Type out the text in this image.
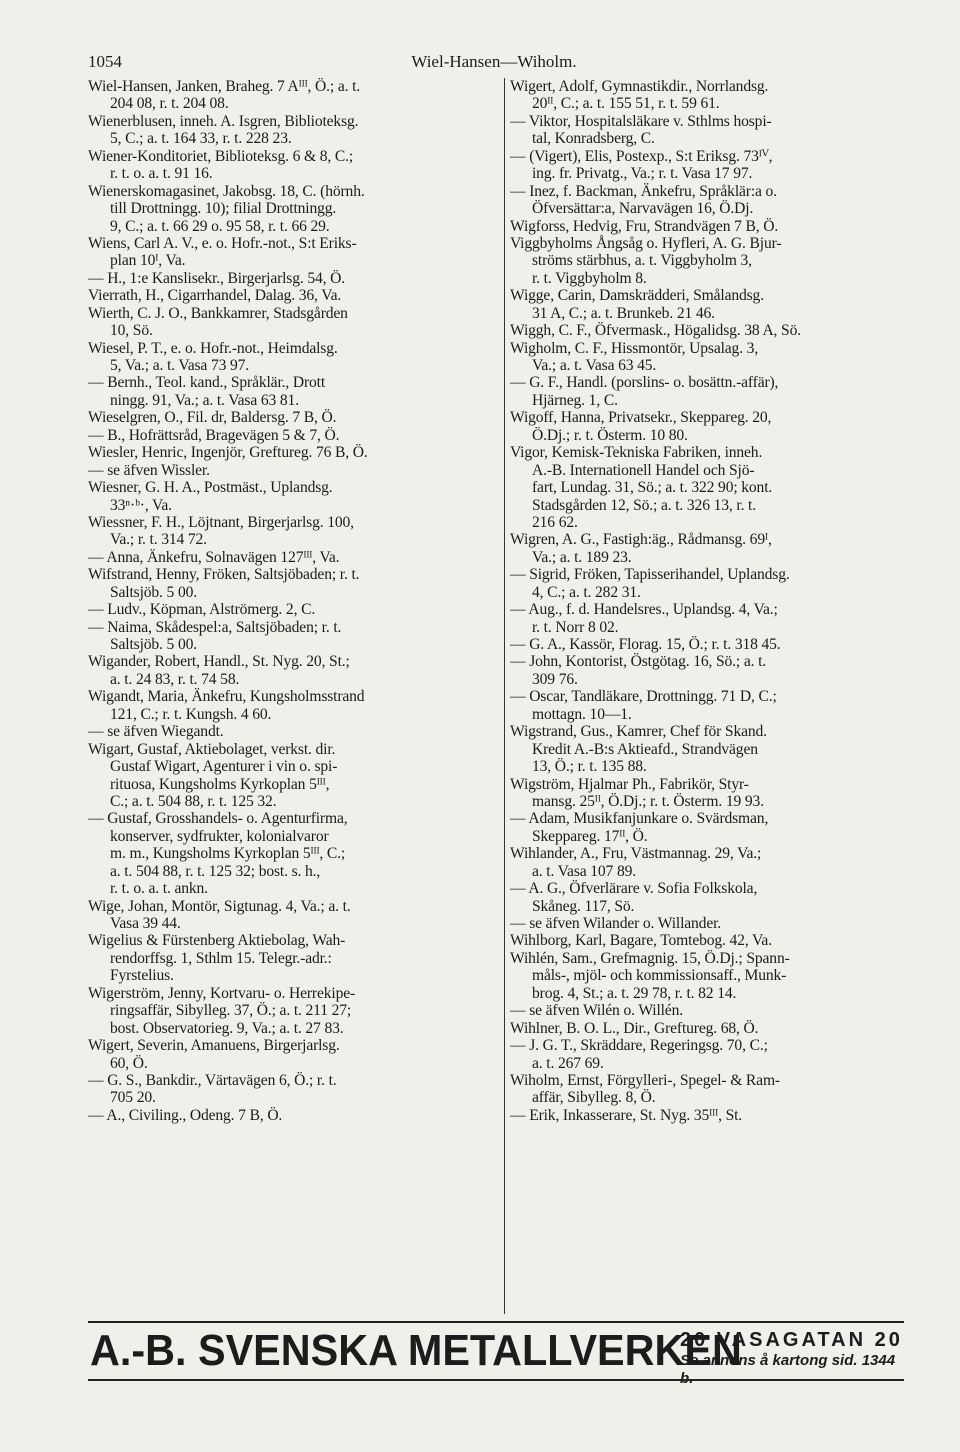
1054	Wiel-Hansen—Wiholm.
Wiel-Hansen, Janken, Braheg. 7 Aᴵᴵᴵ, Ö.; a. t.
204 08, r. t. 204 08.
Wienerblusen, inneh. A. Isgren, Biblioteksg.
5, C.; a. t. 164 33, r. t. 228 23.
Wiener-Konditoriet, Biblioteksg. 6 & 8, C.;
r. t. o. a. t. 91 16.
Wienerskomagasinet, Jakobsg. 18, C. (hörnh.
till Drottningg. 10); filial Drottningg.
9, C.; a. t. 66 29 o. 95 58, r. t. 66 29.
Wiens, Carl A. V., e. o. Hofr.-not., S:t Eriks-
plan 10ᴵ, Va.
— H., 1:e Kanslisekr., Birgerjarlsg. 54, Ö.
Vierrath, H., Cigarrhandel, Dalag. 36, Va.
Wierth, C. J. O., Bankkamrer, Stadsgården
10, Sö.
Wiesel, P. T., e. o. Hofr.-not., Heimdalsg.
5, Va.; a. t. Vasa 73 97.
— Bernh., Teol. kand., Språklär., Drott
ningg. 91, Va.; a. t. Vasa 63 81.
Wieselgren, O., Fil. dr, Baldersg. 7 B, Ö.
— B., Hofrättsråd, Bragevägen 5 & 7, Ö.
Wiesler, Henric, Ingenjör, Greftureg. 76 B, Ö.
— se äfven Wissler.
Wiesner, G. H. A., Postmäst., Uplandsg.
33ⁿ·ᵇ·, Va.
Wiessner, F. H., Löjtnant, Birgerjarlsg. 100,
Va.; r. t. 314 72.
— Anna, Änkefru, Solnavägen 127ᴵᴵᴵ, Va.
Wifstrand, Henny, Fröken, Saltsjöbaden; r. t.
Saltsjöb. 5 00.
— Ludv., Köpman, Alströmerg. 2, C.
— Naima, Skådespel:a, Saltsjöbaden; r. t.
Saltsjöb. 5 00.
Wigander, Robert, Handl., St. Nyg. 20, St.;
a. t. 24 83, r. t. 74 58.
Wigandt, Maria, Änkefru, Kungsholmsstrand
121, C.; r. t. Kungsh. 4 60.
— se äfven Wiegandt.
Wigart, Gustaf, Aktiebolaget, verkst. dir.
Gustaf Wigart, Agenturer i vin o. spi-
rituosa, Kungsholms Kyrkoplan 5ᴵᴵᴵ,
C.; a. t. 504 88, r. t. 125 32.
— Gustaf, Grosshandels- o. Agenturfirma,
konserver, sydfrukter, kolonialvaror
m. m., Kungsholms Kyrkoplan 5ᴵᴵᴵ, C.;
a. t. 504 88, r. t. 125 32; bost. s. h.,
r. t. o. a. t. ankn.
Wige, Johan, Montör, Sigtunag. 4, Va.; a. t.
Vasa 39 44.
Wigelius & Fürstenberg Aktiebolag, Wah-
rendorffsg. 1, Sthlm 15. Telegr.-adr.:
Fyrstelius.
Wigerström, Jenny, Kortvaru- o. Herrekipe-
ringsaffär, Sibylleg. 37, Ö.; a. t. 211 27;
bost. Observatorieg. 9, Va.; a. t. 27 83.
Wigert, Severin, Amanuens, Birgerjarlsg.
60, Ö.
— G. S., Bankdir., Värtavägen 6, Ö.; r. t.
705 20.
— A., Civiling., Odeng. 7 B, Ö.
Wigert, Adolf, Gymnastikdir., Norrlandsg.
20ᴵᴵ, C.; a. t. 155 51, r. t. 59 61.
— Viktor, Hospitalsläkare v. Sthlms hospi-
tal, Konradsberg, C.
— (Vigert), Elis, Postexp., S:t Eriksg. 73ᴵⱽ,
ing. fr. Privatg., Va.; r. t. Vasa 17 97.
— Inez, f. Backman, Änkefru, Språklär:a o.
Öfversättar:a, Narvavägen 16, Ö.Dj.
Wigforss, Hedvig, Fru, Strandvägen 7 B, Ö.
Viggbyholms Ångsåg o. Hyfleri, A. G. Bjur-
ströms stärbhus, a. t. Viggbyholm 3,
r. t. Viggbyholm 8.
Wigge, Carin, Damskrädderi, Smålandsg.
31 A, C.; a. t. Brunkeb. 21 46.
Wiggh, C. F., Öfvermask., Högalidsg. 38 A, Sö.
Wigholm, C. F., Hissmontör, Upsalag. 3,
Va.; a. t. Vasa 63 45.
— G. F., Handl. (porslins- o. bosättn.-affär),
Hjärneg. 1, C.
Wigoff, Hanna, Privatsekr., Skeppareg. 20,
Ö.Dj.; r. t. Österm. 10 80.
Vigor, Kemisk-Tekniska Fabriken, inneh.
A.-B. Internationell Handel och Sjö-
fart, Lundag. 31, Sö.; a. t. 322 90; kont.
Stadsgården 12, Sö.; a. t. 326 13, r. t.
216 62.
Wigren, A. G., Fastigh:äg., Rådmansg. 69ᴵ,
Va.; a. t. 189 23.
— Sigrid, Fröken, Tapisserihandel, Uplandsg.
4, C.; a. t. 282 31.
— Aug., f. d. Handelsres., Uplandsg. 4, Va.;
r. t. Norr 8 02.
— G. A., Kassör, Florag. 15, Ö.; r. t. 318 45.
— John, Kontorist, Östgötag. 16, Sö.; a. t.
309 76.
— Oscar, Tandläkare, Drottningg. 71 D, C.;
mottagn. 10—1.
Wigstrand, Gus., Kamrer, Chef för Skand.
Kredit A.-B:s Aktieafd., Strandvägen
13, Ö.; r. t. 135 88.
Wigström, Hjalmar Ph., Fabrikör, Styr-
mansg. 25ᴵᴵ, Ö.Dj.; r. t. Österm. 19 93.
— Adam, Musikfanjunkare o. Svärdsman,
Skeppareg. 17ᴵᴵ, Ö.
Wihlander, A., Fru, Västmannag. 29, Va.;
a. t. Vasa 107 89.
— A. G., Öfverlärare v. Sofia Folkskola,
Skåneg. 117, Sö.
— se äfven Wilander o. Willander.
Wihlborg, Karl, Bagare, Tomtebog. 42, Va.
Wihlén, Sam., Grefmagnig. 15, Ö.Dj.; Spann-
måls-, mjöl- och kommissionsaff., Munk-
brog. 4, St.; a. t. 29 78, r. t. 82 14.
— se äfven Wilén o. Willén.
Wihlner, B. O. L., Dir., Greftureg. 68, Ö.
— J. G. T., Skräddare, Regeringsg. 70, C.;
a. t. 267 69.
Wiholm, Ernst, Förgylleri-, Spegel- & Ram-
affär, Sibylleg. 8, Ö.
— Erik, Inkasserare, St. Nyg. 35ᴵᴵᴵ, St.
A.-B. SVENSKA METALLVERKEN
20 VASAGATAN 20
Se annons å kartong sid. 1344
